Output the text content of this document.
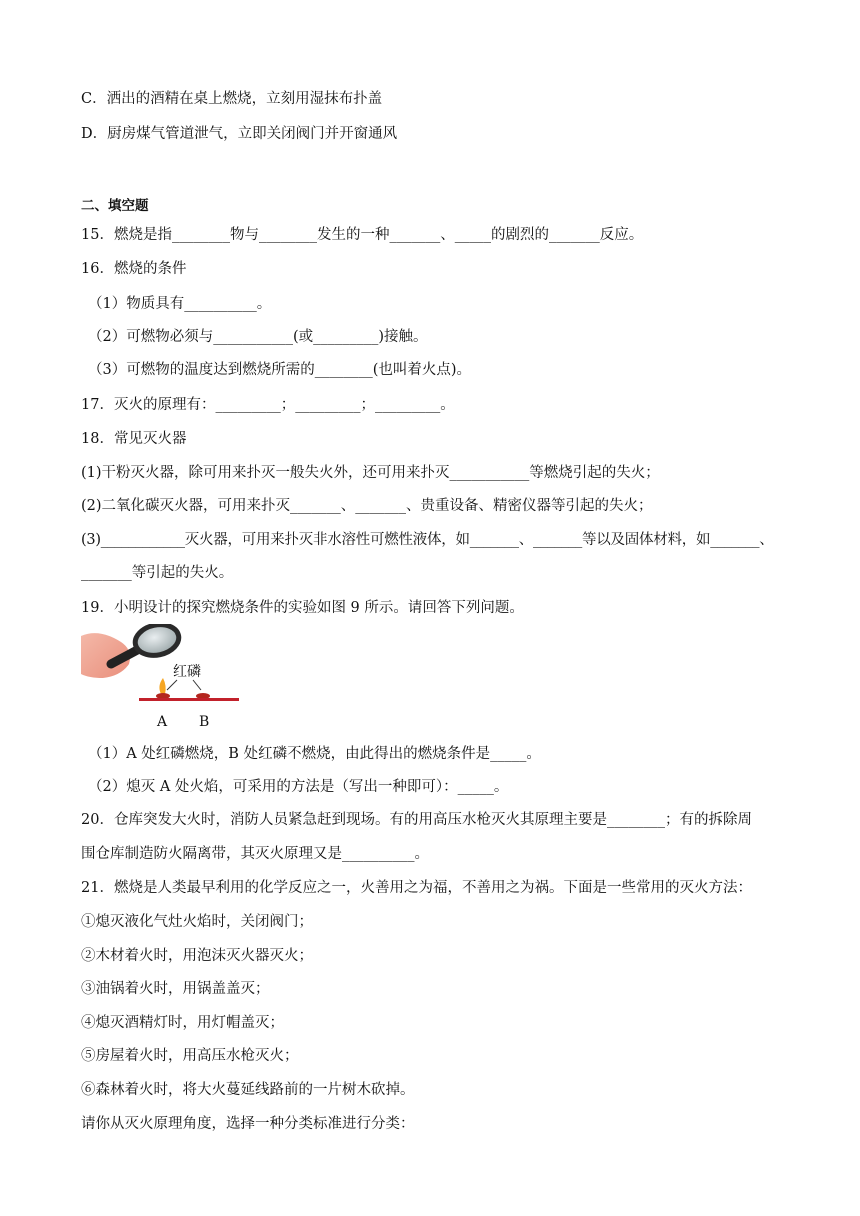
C．洒出的酒精在桌上燃烧，立刻用湿抹布扑盖
D．厨房煤气管道泄气，立即关闭阀门并开窗通风
二、填空题
15．燃烧是指________物与________发生的一种_______、_____的剧烈的_______反应。
16．燃烧的条件
（1）物质具有__________。
（2）可燃物必须与___________(或_________)接触。
（3）可燃物的温度达到燃烧所需的________(也叫着火点)。
17．灭火的原理有：_________；_________；_________。
18．常见灭火器
(1)干粉灭火器，除可用来扑灭一般失火外，还可用来扑灭___________等燃烧引起的失火；
(2)二氧化碳灭火器，可用来扑灭_______、_______、贵重设备、精密仪器等引起的失火；
(3)____________灭火器，可用来扑灭非水溶性可燃性液体，如_______、_______等以及固体材料，如_______、
_______等引起的失火。
19．小明设计的探究燃烧条件的实验如图 9 所示。请回答下列问题。
红磷
A B
（1）A 处红磷燃烧，B 处红磷不燃烧，由此得出的燃烧条件是_____。
（2）熄灭 A 处火焰，可采用的方法是（写出一种即可）：_____。
20．仓库突发大火时，消防人员紧急赶到现场。有的用高压水枪灭火其原理主要是________；有的拆除周
围仓库制造防火隔离带，其灭火原理又是__________。
21．燃烧是人类最早利用的化学反应之一，火善用之为福，不善用之为祸。下面是一些常用的灭火方法：
①熄灭液化气灶火焰时，关闭阀门；
②木材着火时，用泡沫灭火器灭火；
③油锅着火时，用锅盖盖灭；
④熄灭酒精灯时，用灯帽盖灭；
⑤房屋着火时，用高压水枪灭火；
⑥森林着火时，将大火蔓延线路前的一片树木砍掉。
请你从灭火原理角度，选择一种分类标准进行分类：
